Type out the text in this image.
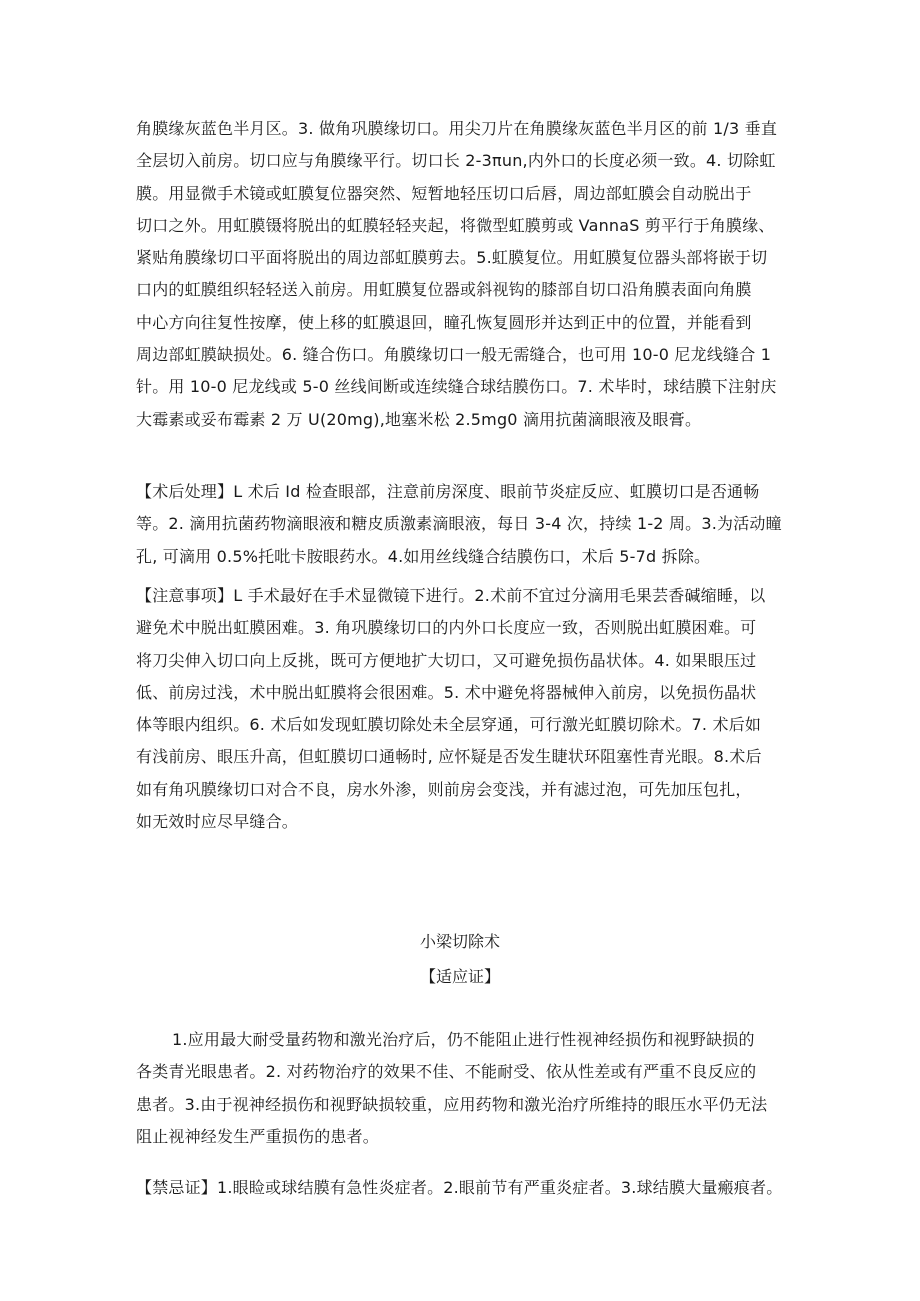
角膜缘灰蓝色半月区。3. 做角巩膜缘切口。用尖刀片在角膜缘灰蓝色半月区的前 1/3 垂直
全层切入前房。切口应与角膜缘平行。切口长 2-3πun,内外口的长度必须一致。4. 切除虹
膜。用显微手术镜或虹膜复位器突然、短暂地轻压切口后唇，周边部虹膜会自动脱出于
切口之外。用虹膜镊将脱出的虹膜轻轻夹起，将微型虹膜剪或 VannaS 剪平行于角膜缘、
紧贴角膜缘切口平面将脱出的周边部虹膜剪去。5.虹膜复位。用虹膜复位器头部将嵌于切
口内的虹膜组织轻轻送入前房。用虹膜复位器或斜视钩的膝部自切口沿角膜表面向角膜
中心方向往复性按摩，使上移的虹膜退回，瞳孔恢复圆形并达到正中的位置，并能看到
周边部虹膜缺损处。6. 缝合伤口。角膜缘切口一般无需缝合，也可用 10-0 尼龙线缝合 1
针。用 10-0 尼龙线或 5-0 丝线间断或连续缝合球结膜伤口。7. 术毕时，球结膜下注射庆
大霉素或妥布霉素 2 万 U(20mg),地塞米松 2.5mg0 滴用抗菌滴眼液及眼膏。
【术后处理】L 术后 Id 检查眼部，注意前房深度、眼前节炎症反应、虹膜切口是否通畅
等。2. 滴用抗菌药物滴眼液和糖皮质激素滴眼液，每日 3-4 次，持续 1-2 周。3.为活动瞳
孔, 可滴用 0.5%托吡卡胺眼药水。4.如用丝线缝合结膜伤口，术后 5-7d 拆除。
【注意事项】L 手术最好在手术显微镜下进行。2.术前不宜过分滴用毛果芸香碱缩睡，以
避免术中脱出虹膜困难。3. 角巩膜缘切口的内外口长度应一致，否则脱出虹膜困难。可
将刀尖伸入切口向上反挑，既可方便地扩大切口，又可避免损伤晶状体。4. 如果眼压过
低、前房过浅，术中脱出虹膜将会很困难。5. 术中避免将器械伸入前房，以免损伤晶状
体等眼内组织。6. 术后如发现虹膜切除处未全层穿通，可行激光虹膜切除术。7. 术后如
有浅前房、眼压升高，但虹膜切口通畅时, 应怀疑是否发生睫状环阻塞性青光眼。8.术后
如有角巩膜缘切口对合不良，房水外渗，则前房会变浅，并有滤过泡，可先加压包扎，
如无效时应尽早缝合。
小梁切除术
【适应证】
1.应用最大耐受量药物和激光治疗后，仍不能阻止进行性视神经损伤和视野缺损的
各类青光眼患者。2. 对药物治疗的效果不佳、不能耐受、依从性差或有严重不良反应的
患者。3.由于视神经损伤和视野缺损较重，应用药物和激光治疗所维持的眼压水平仍无法
阻止视神经发生严重损伤的患者。
【禁忌证】1.眼睑或球结膜有急性炎症者。2.眼前节有严重炎症者。3.球结膜大量瘢痕者。
